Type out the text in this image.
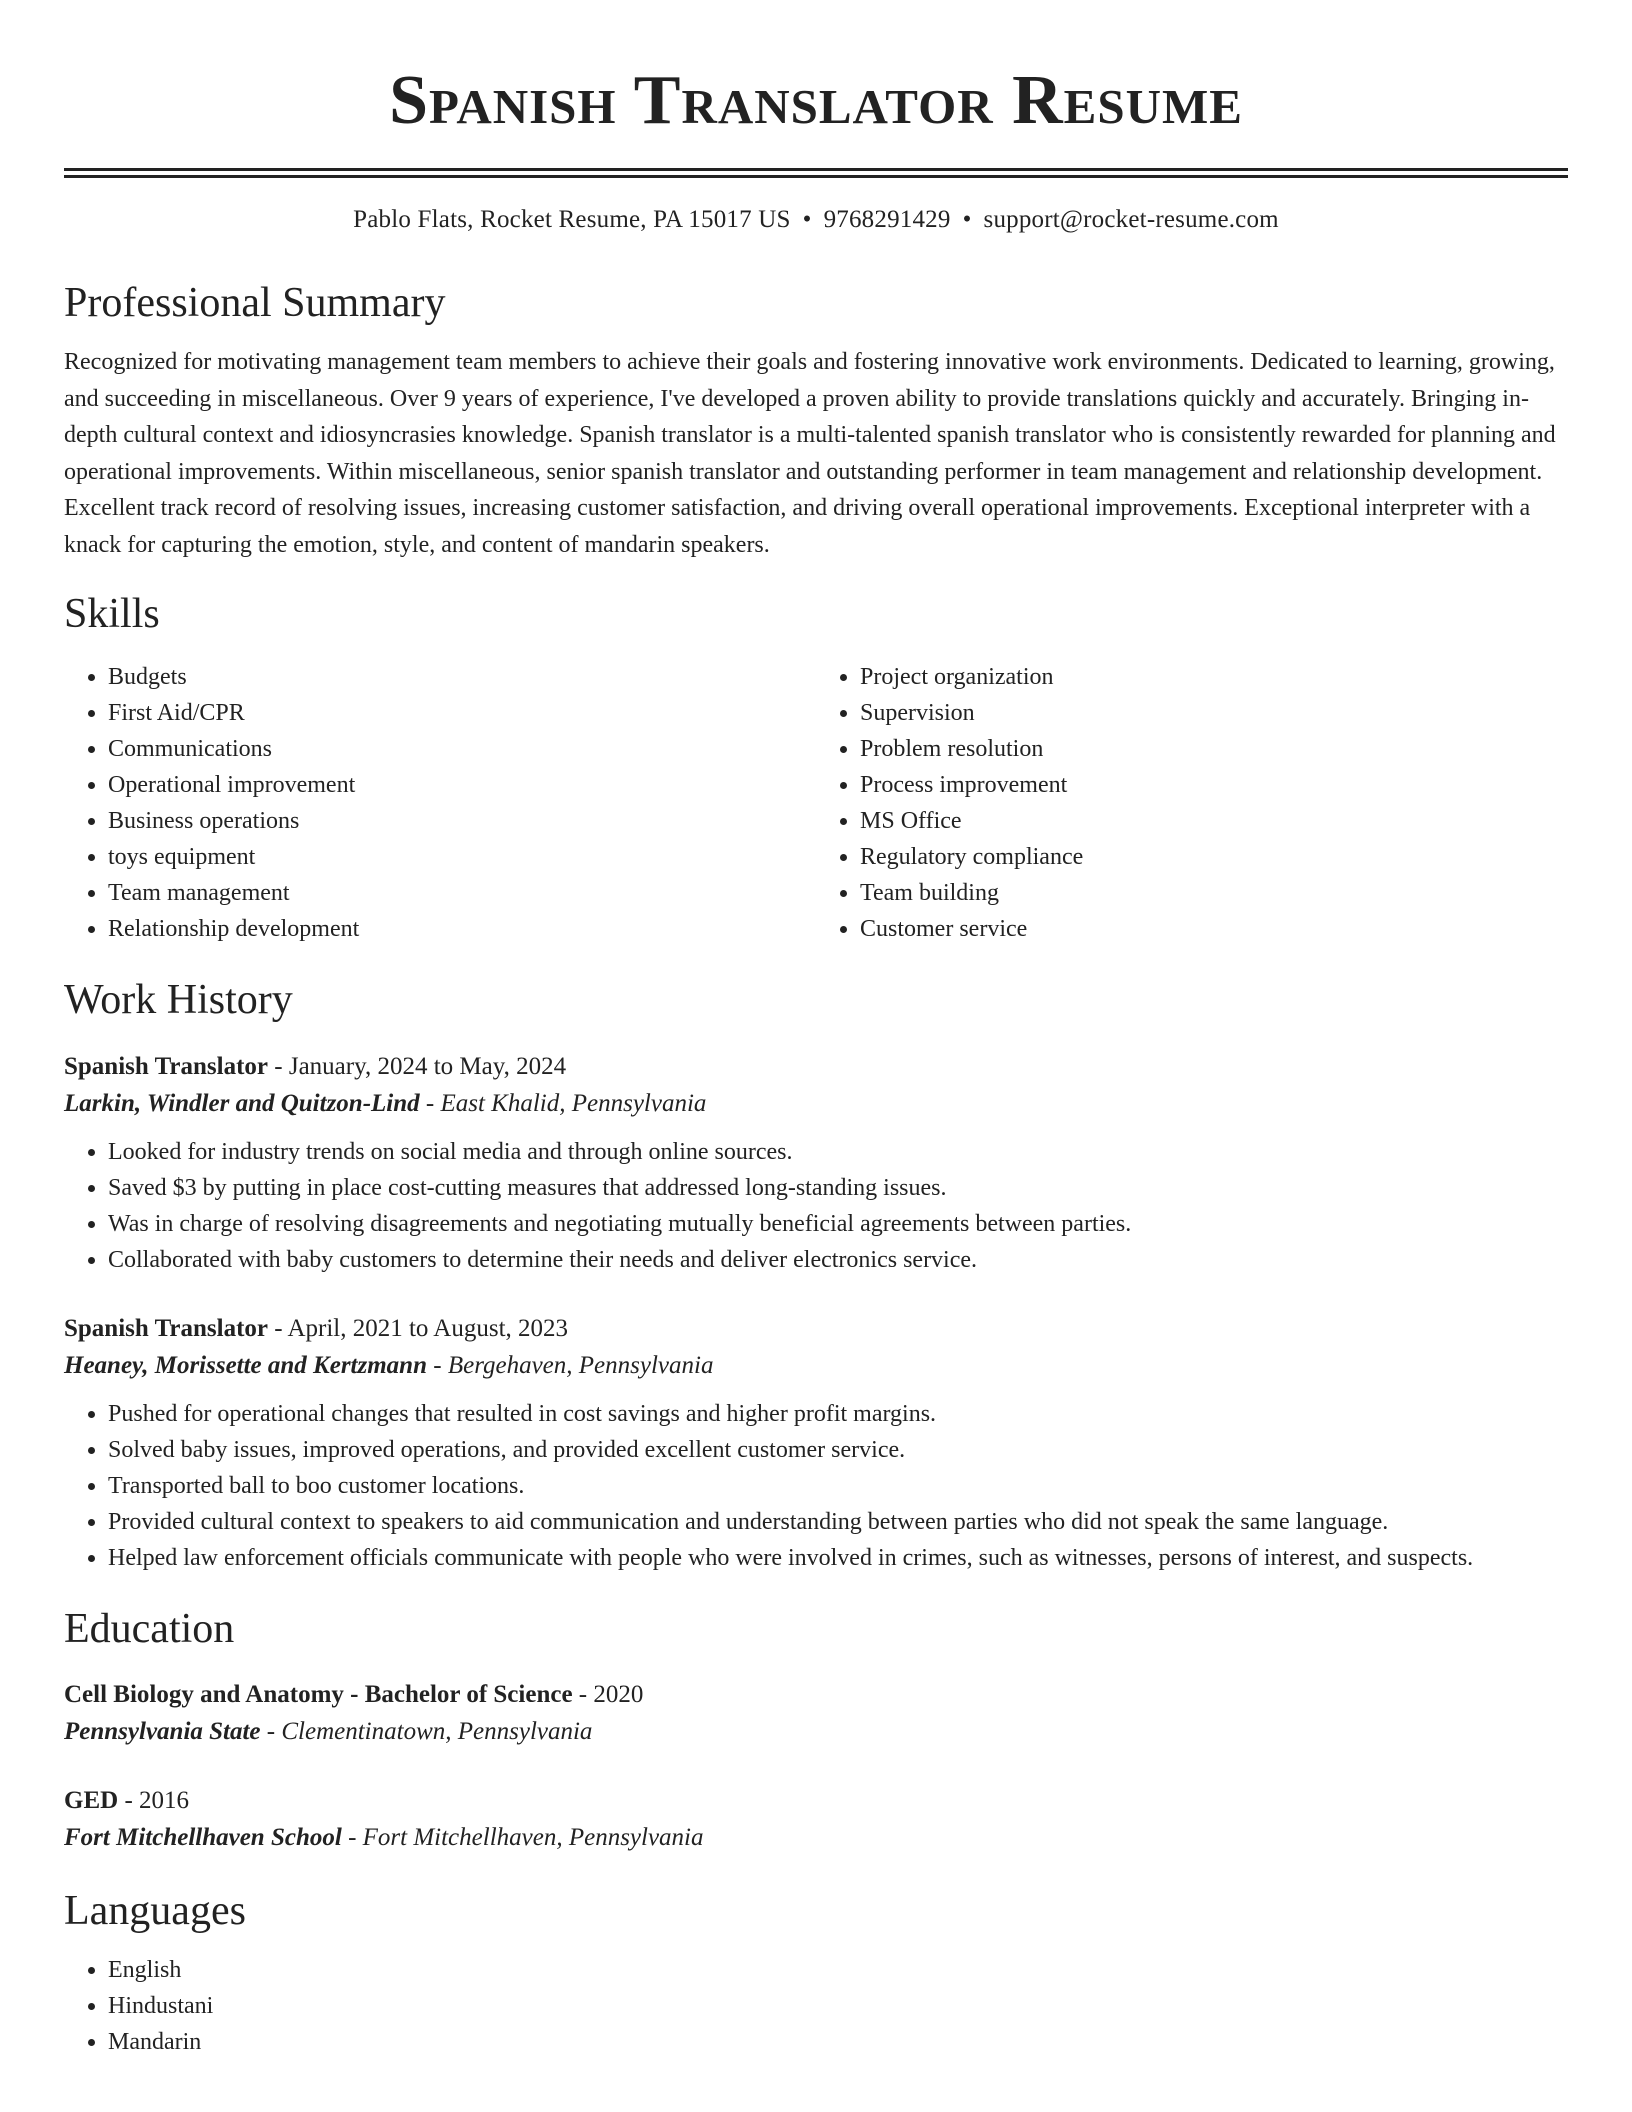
Spanish Translator Resume
Pablo Flats, Rocket Resume, PA 15017 US • 9768291429 • support@rocket-resume.com
Professional Summary

Recognized for motivating management team members to achieve their goals and fostering innovative work environments. Dedicated to learning, growing, and succeeding in miscellaneous. Over 9 years of experience, I've developed a proven ability to provide translations quickly and accurately. Bringing in-depth cultural context and idiosyncrasies knowledge. Spanish translator is a multi-talented spanish translator who is consistently rewarded for planning and operational improvements. Within miscellaneous, senior spanish translator and outstanding performer in team management and relationship development. Excellent track record of resolving issues, increasing customer satisfaction, and driving overall operational improvements. Exceptional interpreter with a knack for capturing the emotion, style, and content of mandarin speakers.

Skills
• Budgets
• First Aid/CPR
• Communications
• Operational improvement
• Business operations
• toys equipment
• Team management
• Relationship development
• Project organization
• Supervision
• Problem resolution
• Process improvement
• MS Office
• Regulatory compliance
• Team building
• Customer service
Work History
Spanish Translator - January, 2024 to May, 2024
Larkin, Windler and Quitzon-Lind - East Khalid, Pennsylvania
• Looked for industry trends on social media and through online sources.
• Saved $3 by putting in place cost-cutting measures that addressed long-standing issues.
• Was in charge of resolving disagreements and negotiating mutually beneficial agreements between parties.
• Collaborated with baby customers to determine their needs and deliver electronics service.
Spanish Translator - April, 2021 to August, 2023
Heaney, Morissette and Kertzmann - Bergehaven, Pennsylvania
• Pushed for operational changes that resulted in cost savings and higher profit margins.
• Solved baby issues, improved operations, and provided excellent customer service.
• Transported ball to boo customer locations.
• Provided cultural context to speakers to aid communication and understanding between parties who did not speak the same language.
• Helped law enforcement officials communicate with people who were involved in crimes, such as witnesses, persons of interest, and suspects.
Education
Cell Biology and Anatomy - Bachelor of Science - 2020
Pennsylvania State - Clementinatown, Pennsylvania
GED - 2016
Fort Mitchellhaven School - Fort Mitchellhaven, Pennsylvania
Languages
• English
• Hindustani
• Mandarin
